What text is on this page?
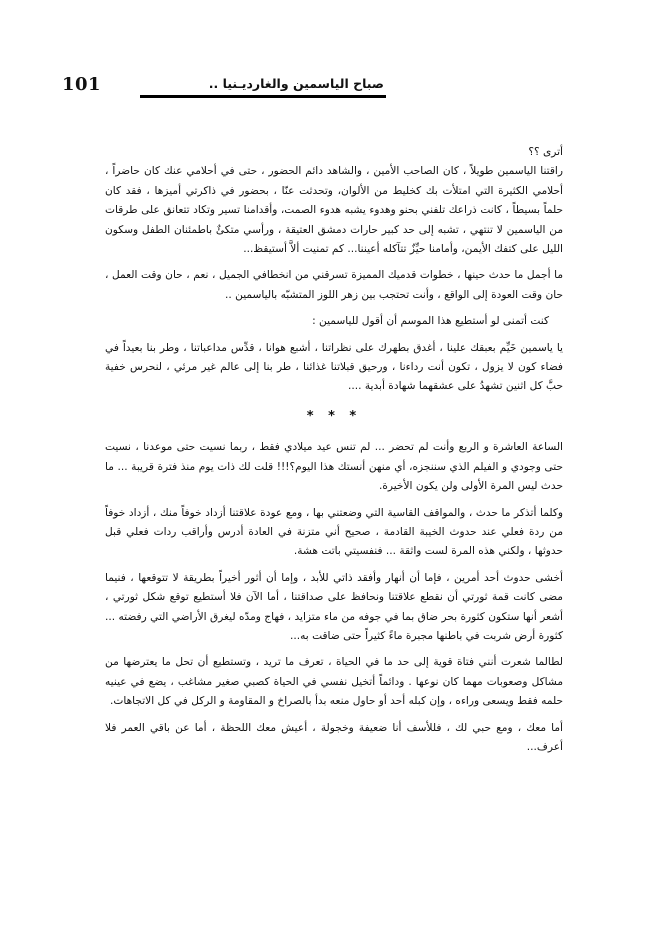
101	صباح الياسمين والغارديـنيا ..

أترى ؟؟

راقتنا الياسمين طويلاً ، كان الصاحب الأمين ، والشاهد دائم الحضور ، حتى في أحلامي عنك كان حاضراً ، أحلامي الكثيرة التي امتلأت بك كخليط من الألوان، وتحدثت عنّا ، بحضور في ذاكرتي أميزها ، فقد كان حلماً بسيطاً ، كانت ذراعك تلفني بحنو وهدوء يشبه هدوء الصمت، وأقدامنا تسير وتكاد تتعانق على طرقات من الياسمين لا تنتهي ، تشبه إلى حد كبير حارات دمشق العتيقة ، ورأسي متكئٌ باطمئنان الطفل وسكون الليل على كتفك الأيمن، وأمامنا حيِّزٌ تتآكله أعيننا... كم تمنيت ألاَّ أستيقظ...

ما أجمل ما حدث حينها ، خطوات قدميك المميزة تسرقني من انخطافي الجميل ، نعم ، حان وقت العمل ، حان وقت العودة إلى الواقع ، وأنت تحتجب بين زهر اللوز المتشبّه بالياسمين ..

كنت أتمنى لو أستطيع هذا الموسم أن أقول للياسمين :

يا ياسمين خَيِّم بعبقك علينا ، أغدق بطهرك على نظراتنا ، أشبع هوانا ، قدِّس مداعباتنا ، وطر بنا بعيداً في فضاء كون لا يزول ، تكون أنت رداءنا ، ورحيق قبلاتنا غذائنا ، طر بنا إلى عالم غير مرئي ، لنحرس خفية حبَّ كل اثنين تشهدُ على عشقهما شهادة أبدية ....

* * *

الساعة العاشرة و الربع وأنت لم تحضر ... لم تنس عيد ميلادي فقط ، ربما نسيت حتى موعدنا ، نسيت حتى وجودي و الفيلم الذي سننجزه، أي منهن أنستك هذا اليوم؟!!! قلت لك ذات يوم منذ فترة قريبة ... ما حدث ليس المرة الأولى ولن يكون الأخيرة.

وكلما أتذكر ما حدث ، والمواقف القاسية التي وضعتني بها ، ومع عودة علاقتنا أزداد خوفاً منك ، أزداد خوفاً من ردة فعلي عند حدوث الخيبة القادمة ، صحيح أني متزنة في العادة أدرس وأراقب ردات فعلي قبل حدوثها ، ولكني هذه المرة لست واثقة ... فنفسيتي باتت هشة.

أخشى حدوث أحد أمرين ، فإما أن أنهار وأفقد ذاتي للأبد ، وإما أن أثور أخيراً بطريقة لا تتوقعها ، فنيما مضى كانت قمة ثورتي أن نقطع علاقتنا ونحافظ على صداقتنا ، أما الآن فلا أستطيع توقع شكل ثورتي ، أشعر أنها ستكون كثورة بحر ضاق بما في جوفه من ماء متزايد ، فهاج ومدّه ليغرق الأراضي التي رفضته ... كثورة أرض شربت في باطنها مجبرة ماءً كثيراً حتى ضاقت به...

لطالما شعرت أنني فتاة قوية إلى حد ما في الحياة ، تعرف ما تريد ، وتستطيع أن تحل ما يعترضها من مشاكل وصعوبات مهما كان نوعها . ودائماً أتخيل نفسي في الحياة كصبي صغير مشاغب ، يضع في عينيه حلمه فقط ويسعى وراءه ، وإن كبله أحد أو حاول منعه بدأ بالصراخ و المقاومة و الركل في كل الاتجاهات.

أما معك ، ومع حبي لك ، فللأسف أنا ضعيفة وخجولة ، أعيش معك اللحظة ، أما عن باقي العمر فلا أعرف...
